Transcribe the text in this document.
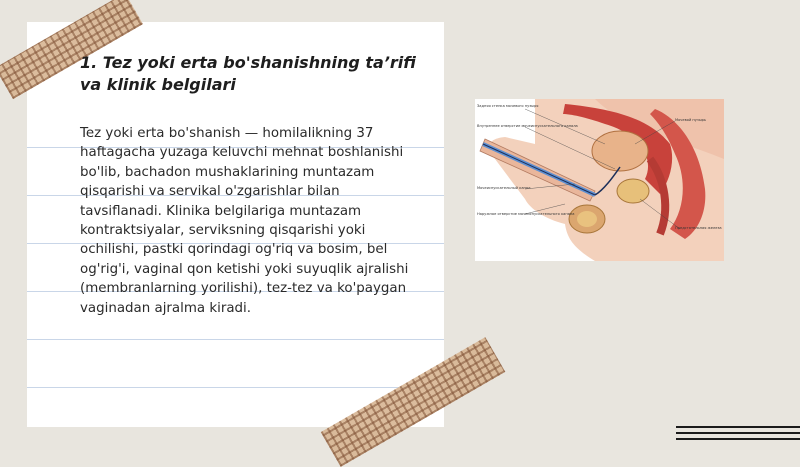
1. Tez yoki erta bo'shanishning ta’rifi va klinik belgilari
Tez yoki erta bo'shanish — homilalikning 37 haftagacha yuzaga keluvchi mehnat boshlanishi bo'lib, bachadon mushaklarining muntazam qisqarishi va servikal o'zgarishlar bilan tavsiflanadi. Klinika belgilariga muntazam kontraktsiyalar, serviksning qisqarishi yoki ochilishi, pastki qorindagi og'riq va bosim, bel og'rig'i, vaginal qon ketishi yoki suyuqlik ajralishi (membranlarning yorilishi), tez-tez va ko'paygan vaginadan ajralma kiradi.
Задняя стенка мочевого пузыря
Внутреннее отверстие мочеиспускательного канала
Мочеиспускательный канал
Наружное отверстие мочеиспускательного канала
Мочевой пузырь
Предстательная железа
